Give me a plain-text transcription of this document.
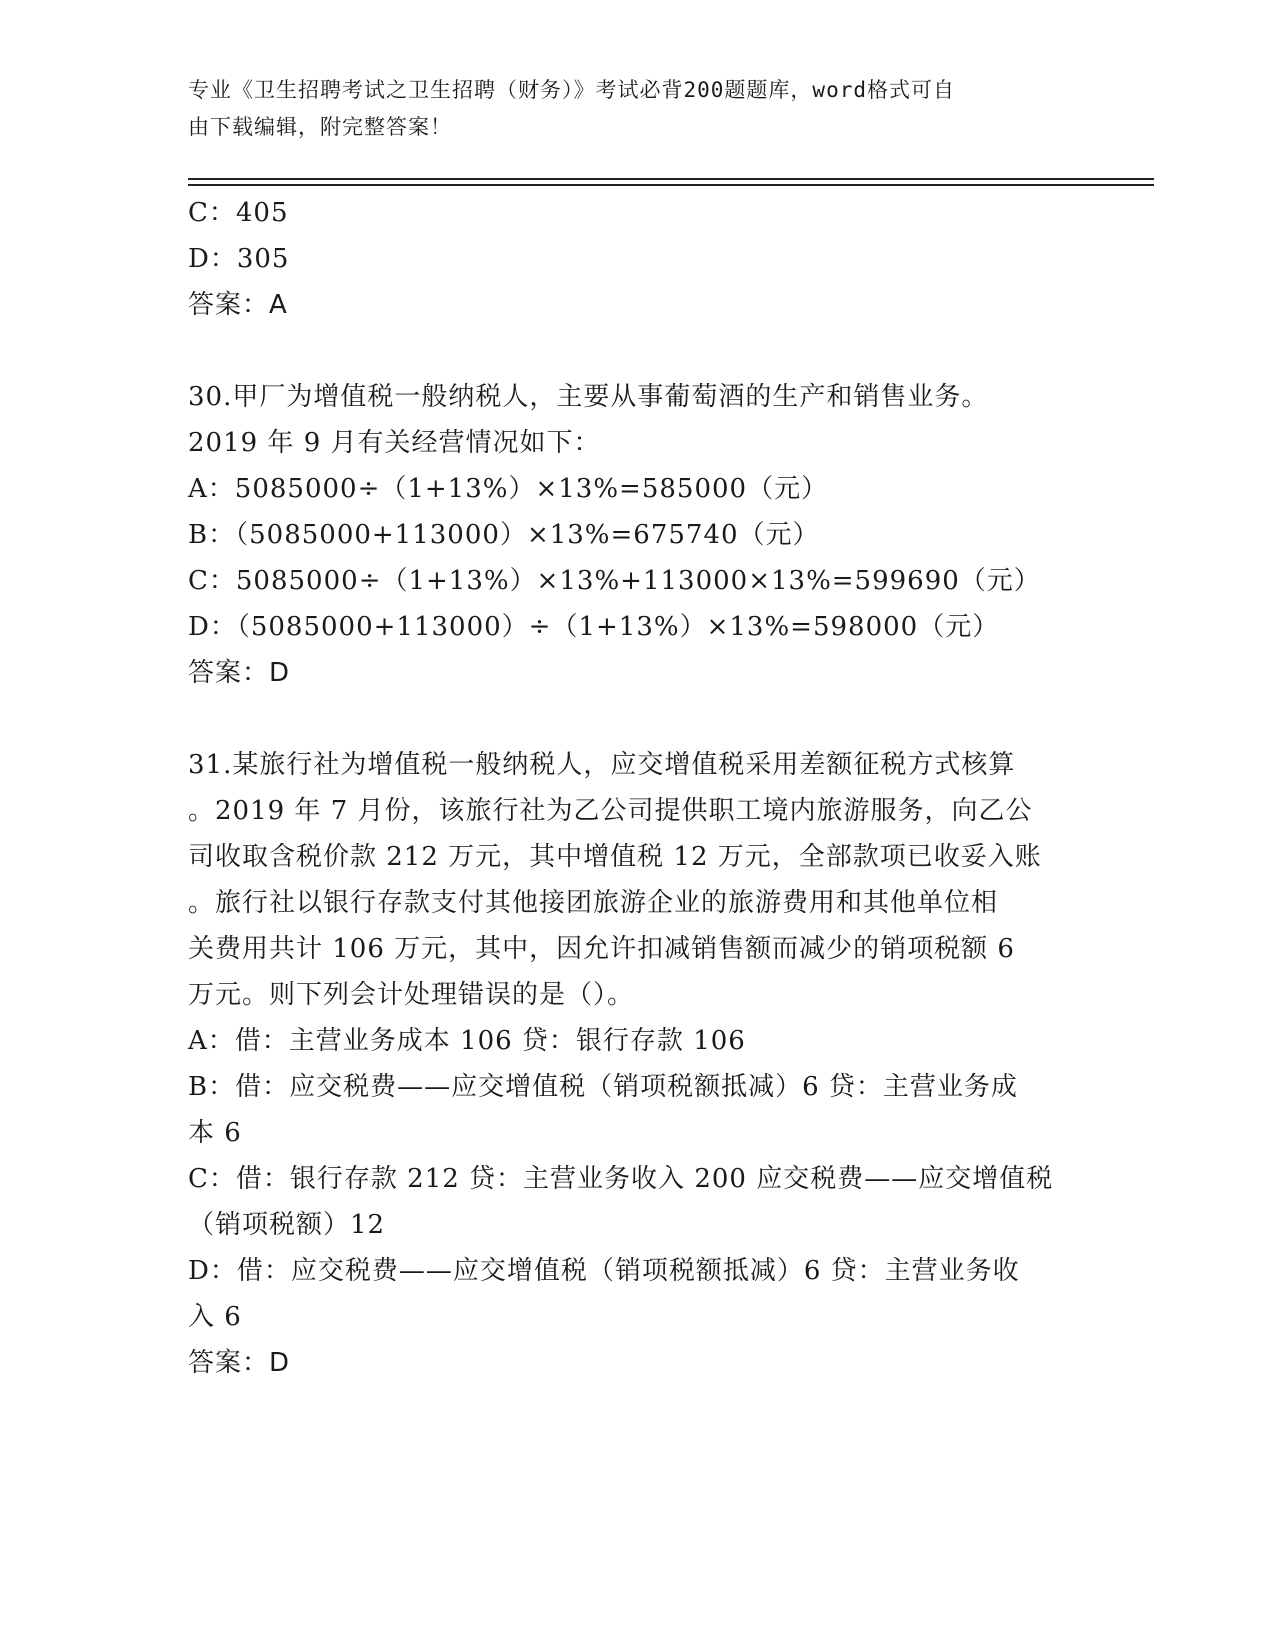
专业《卫生招聘考试之卫生招聘（财务）》考试必背200题题库，word格式可自
由下载编辑，附完整答案！
C：405
D：305
答案：A
30.甲厂为增值税一般纳税人，主要从事葡萄酒的生产和销售业务。
2019 年 9 月有关经营情况如下：
A：5085000÷（1+13%）×13%=585000（元）
B：（5085000+113000）×13%=675740（元）
C：5085000÷（1+13%）×13%+113000×13%=599690（元）
D：（5085000+113000）÷（1+13%）×13%=598000（元）
答案：D
31.某旅行社为增值税一般纳税人，应交增值税采用差额征税方式核算
。2019 年 7 月份，该旅行社为乙公司提供职工境内旅游服务，向乙公
司收取含税价款 212 万元，其中增值税 12 万元，全部款项已收妥入账
。旅行社以银行存款支付其他接团旅游企业的旅游费用和其他单位相
关费用共计 106 万元，其中，因允许扣减销售额而减少的销项税额 6
万元。则下列会计处理错误的是（）。
A：借：主营业务成本 106 贷：银行存款 106
B：借：应交税费——应交增值税（销项税额抵减）6 贷：主营业务成
本 6
C：借：银行存款 212 贷：主营业务收入 200 应交税费——应交增值税
（销项税额）12
D：借：应交税费——应交增值税（销项税额抵减）6 贷：主营业务收
入 6
答案：D
